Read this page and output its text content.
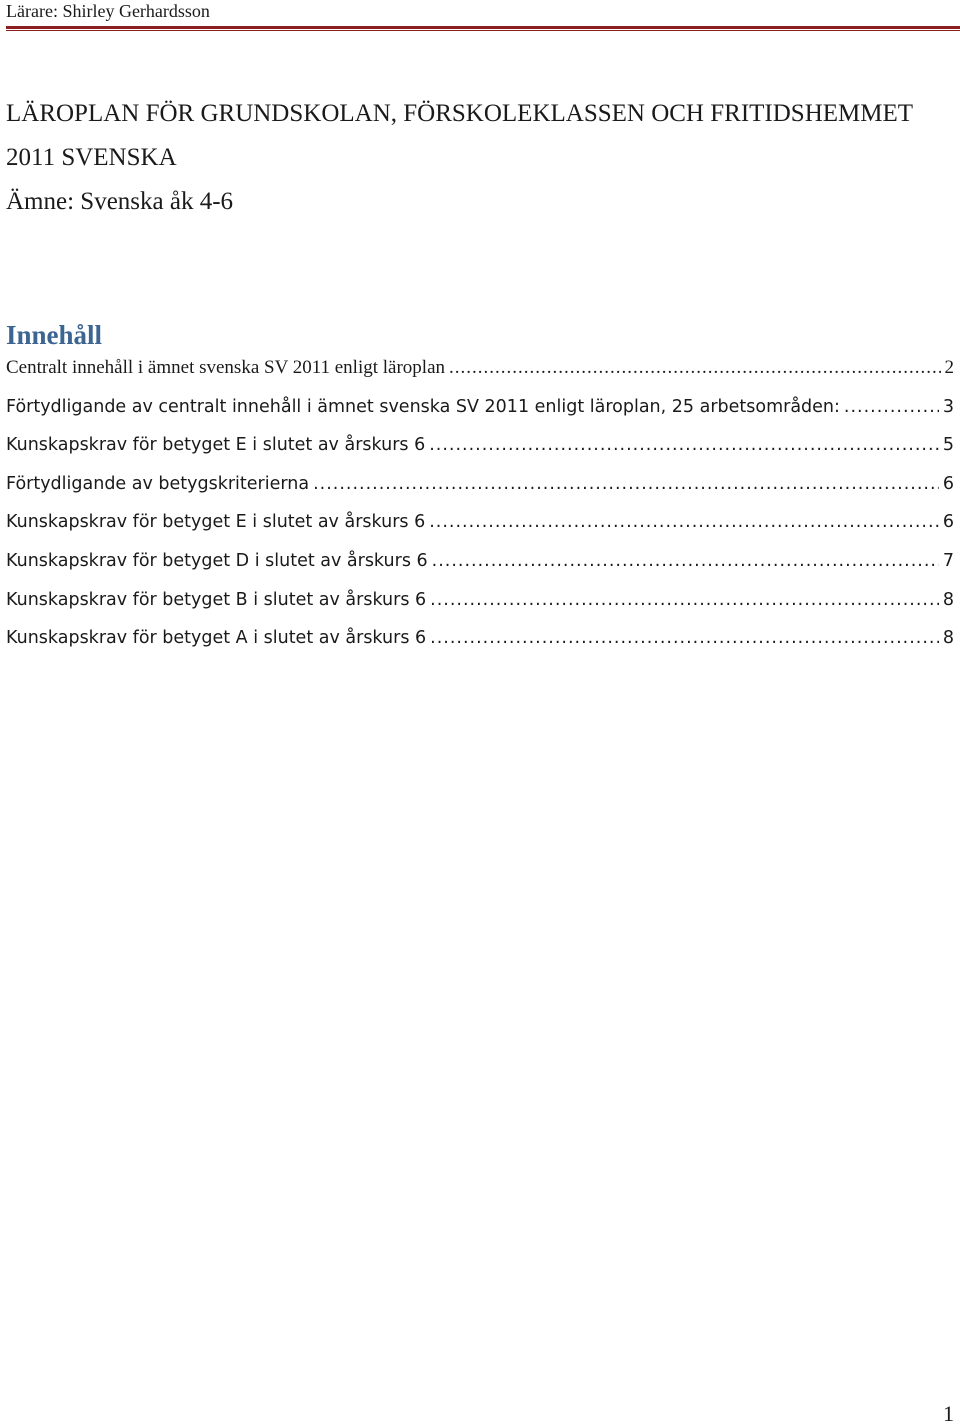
Lärare: Shirley Gerhardsson
LÄROPLAN FÖR GRUNDSKOLAN, FÖRSKOLEKLASSEN OCH FRITIDSHEMMET
2011 SVENSKA
Ämne: Svenska åk 4-6
Innehåll
Centralt innehåll i ämnet svenska SV 2011 enligt läroplan .....	2
Förtydligande av centralt innehåll i ämnet svenska SV 2011 enligt läroplan, 25 arbetsområden: .....	3
Kunskapskrav för betyget E i slutet av årskurs 6 .....	5
Förtydligande av betygskriterierna .....	6
Kunskapskrav för betyget E i slutet av årskurs 6 .....	6
Kunskapskrav för betyget D i slutet av årskurs 6 .....	7
Kunskapskrav för betyget B i slutet av årskurs 6 .....	8
Kunskapskrav för betyget A i slutet av årskurs 6 .....	8
1
